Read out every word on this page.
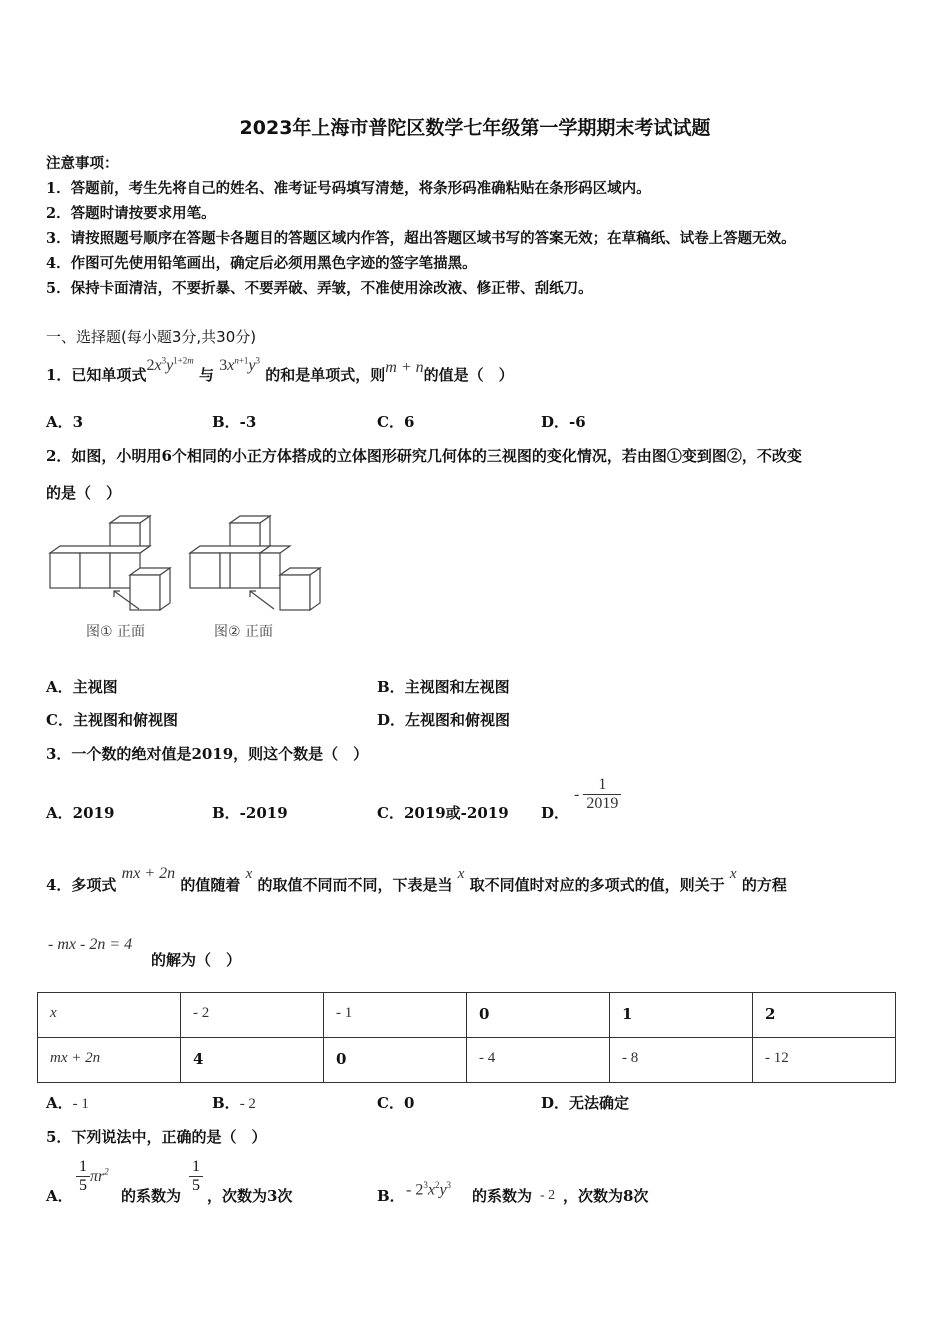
2023年上海市普陀区数学七年级第一学期期末考试试题
注意事项：
1．答题前，考生先将自己的姓名、准考证号码填写清楚，将条形码准确粘贴在条形码区域内。
2．答题时请按要求用笔。
3．请按照题号顺序在答题卡各题目的答题区域内作答，超出答题区域书写的答案无效；在草稿纸、试卷上答题无效。
4．作图可先使用铅笔画出，确定后必须用黑色字迹的签字笔描黑。
5．保持卡面清洁，不要折暴、不要弄破、弄皱，不准使用涂改液、修正带、刮纸刀。
一、选择题(每小题3分,共30分)
1．已知单项式$2x^3y^{1+2m}$ 与 $3x^{n+1}y^3$ 的和是单项式，则m + n的值是（　）
A．3	B．-3	C．6	D．-6
2．如图，小明用6个相同的小正方体搭成的立体图形研究几何体的三视图的变化情况，若由图①变到图②，不改变
的是（　）
图① 正面	图② 正面
A．主视图	B．主视图和左视图
C．主视图和俯视图	D．左视图和俯视图
3．一个数的绝对值是2019，则这个数是（　）
A．2019	B．-2019	C．2019或-2019 D．
- $\frac{1}{2019}$
4．多项式 mx + 2n 的值随着 x 的取值不同而不同，下表是当 x 取不同值时对应的多项式的值，则关于 x 的方程
- mx - 2n = 4
的解为（　）
x	- 2	- 1	0	1	2
mx + 2n	4	0	- 4	- 8	- 12
A．- 1	B．- 2	C．0	D．无法确定
5．下列说法中，正确的是（　）
A．
$\frac{1}{5} \pi r^2$
的系数为
$\frac{1}{5}$
，次数为3次	B． - $2^3x^2y^3$
的系数为 - 2 ，次数为8次
